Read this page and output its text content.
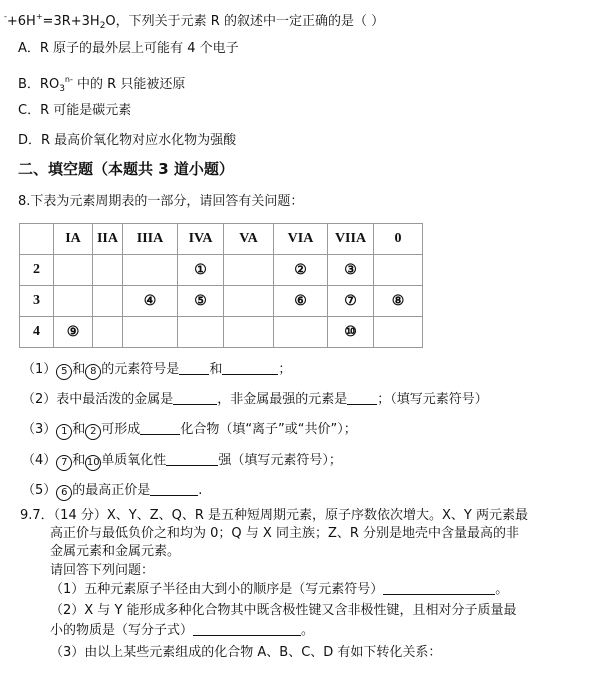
$^-+6H^+=3R+3H_2O$，下列关于元素 R 的叙述中一定正确的是（ ）
A．R 原子的最外层上可能有 4 个电子
B．$RO_3^{n-}$ 中的 R 只能被还原
C．R 可能是碳元素
D．R 最高价氧化物对应水化物为强酸
二、填空题（本题共 3 道小题）
8.下表为元素周期表的一部分，请回答有关问题：
	IA	IIA	IIIA	IVA	VA	VIA	VIIA	0
2				①		②	③	
3			④	⑤		⑥	⑦	⑧
4	⑨						⑩	
（1） 5 和 8 的元素符号是 和	；
（2）表中最活泼的金属是	，非金属最强的元素是 ；（填写元素符号）
（3） 1 和 2 可形成	化合物（填“离子”或“共价”）；
（4） 7 和 10 单质氧化性	强（填写元素符号）；
（5） 6 的最高正价是	.
9.7．（14 分）X、Y、Z、Q、R 是五种短周期元素，原子序数依次增大。X、Y 两元素最
高正价与最低负价之和均为 0；Q 与 X 同主族；Z、R 分别是地壳中含量最高的非
金属元素和金属元素。
请回答下列问题：
（1）五种元素原子半径由大到小的顺序是（写元素符号）	。
（2）X 与 Y 能形成多种化合物其中既含极性键又含非极性键，且相对分子质量最
小的物质是（写分子式）	。
（3）由以上某些元素组成的化合物 A、B、C、D 有如下转化关系：
